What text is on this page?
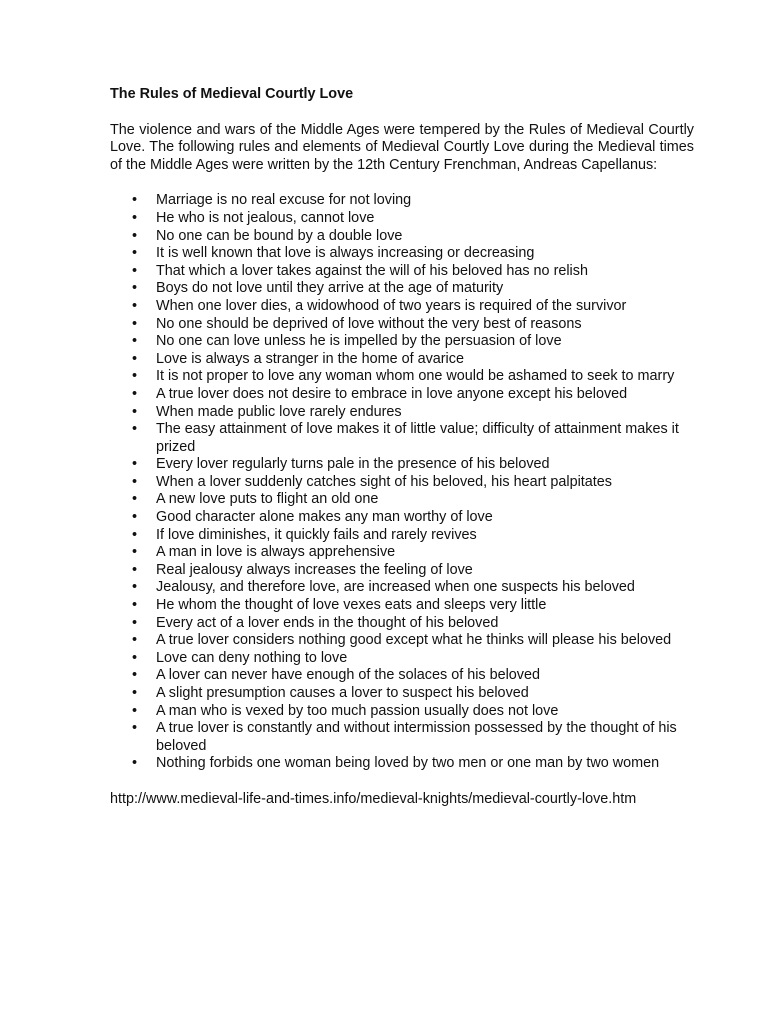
The Rules of Medieval Courtly Love
The violence and wars of the Middle Ages were tempered by the Rules of Medieval Courtly Love. The following rules and elements of Medieval Courtly Love during the Medieval times of the Middle Ages were written by the 12th Century Frenchman, Andreas Capellanus:
• Marriage is no real excuse for not loving
• He who is not jealous, cannot love
• No one can be bound by a double love
• It is well known that love is always increasing or decreasing
• That which a lover takes against the will of his beloved has no relish
• Boys do not love until they arrive at the age of maturity
• When one lover dies, a widowhood of two years is required of the survivor
• No one should be deprived of love without the very best of reasons
• No one can love unless he is impelled by the persuasion of love
• Love is always a stranger in the home of avarice
• It is not proper to love any woman whom one would be ashamed to seek to marry
• A true lover does not desire to embrace in love anyone except his beloved
• When made public love rarely endures
• The easy attainment of love makes it of little value; difficulty of attainment makes it prized
• Every lover regularly turns pale in the presence of his beloved
• When a lover suddenly catches sight of his beloved, his heart palpitates
• A new love puts to flight an old one
• Good character alone makes any man worthy of love
• If love diminishes, it quickly fails and rarely revives
• A man in love is always apprehensive
• Real jealousy always increases the feeling of love
• Jealousy, and therefore love, are increased when one suspects his beloved
• He whom the thought of love vexes eats and sleeps very little
• Every act of a lover ends in the thought of his beloved
• A true lover considers nothing good except what he thinks will please his beloved
• Love can deny nothing to love
• A lover can never have enough of the solaces of his beloved
• A slight presumption causes a lover to suspect his beloved
• A man who is vexed by too much passion usually does not love
• A true lover is constantly and without intermission possessed by the thought of his beloved
• Nothing forbids one woman being loved by two men or one man by two women
http://www.medieval-life-and-times.info/medieval-knights/medieval-courtly-love.htm
